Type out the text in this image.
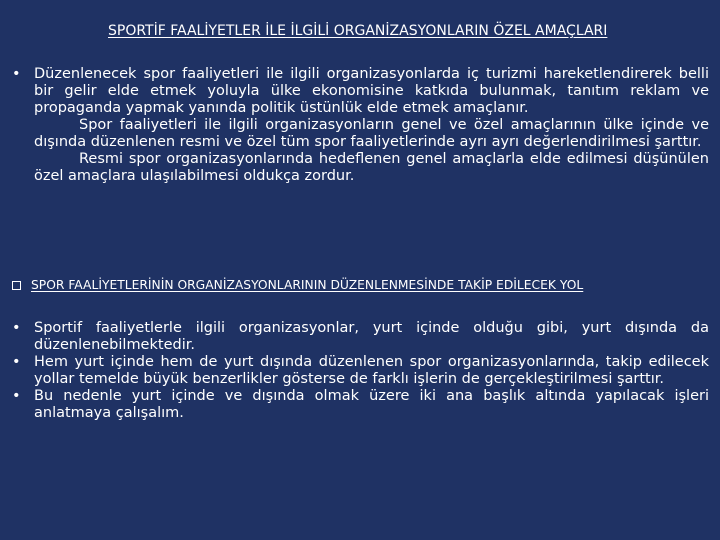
SPORTİF FAALİYETLER İLE İLGİLİ ORGANİZASYONLARIN ÖZEL AMAÇLARI
• Düzenlenecek spor faaliyetleri ile ilgili organizasyonlarda iç turizmi hareketlendirerek belli bir gelir elde etmek yoluyla ülke ekonomisine katkıda bulunmak, tanıtım reklam ve propaganda yapmak yanında politik üstünlük elde etmek amaçlanır.
Spor faaliyetleri ile ilgili organizasyonların genel ve özel amaçlarının ülke içinde ve dışında düzenlenen resmi ve özel tüm spor faaliyetlerinde ayrı ayrı değerlendirilmesi şarttır.
Resmi spor organizasyonlarında hedeflenen genel amaçlarla elde edilmesi düşünülen özel amaçlara ulaşılabilmesi oldukça zordur.
SPOR FAALİYETLERİNİN ORGANİZASYONLARININ DÜZENLENMESİNDE TAKİP EDİLECEK YOL
• Sportif faaliyetlerle ilgili organizasyonlar, yurt içinde olduğu gibi, yurt dışında da düzenlenebilmektedir.
• Hem yurt içinde hem de yurt dışında düzenlenen spor organizasyonlarında, takip edilecek yollar temelde büyük benzerlikler gösterse de farklı işlerin de gerçekleştirilmesi şarttır.
• Bu nedenle yurt içinde ve dışında olmak üzere iki ana başlık altında yapılacak işleri anlatmaya çalışalım.
